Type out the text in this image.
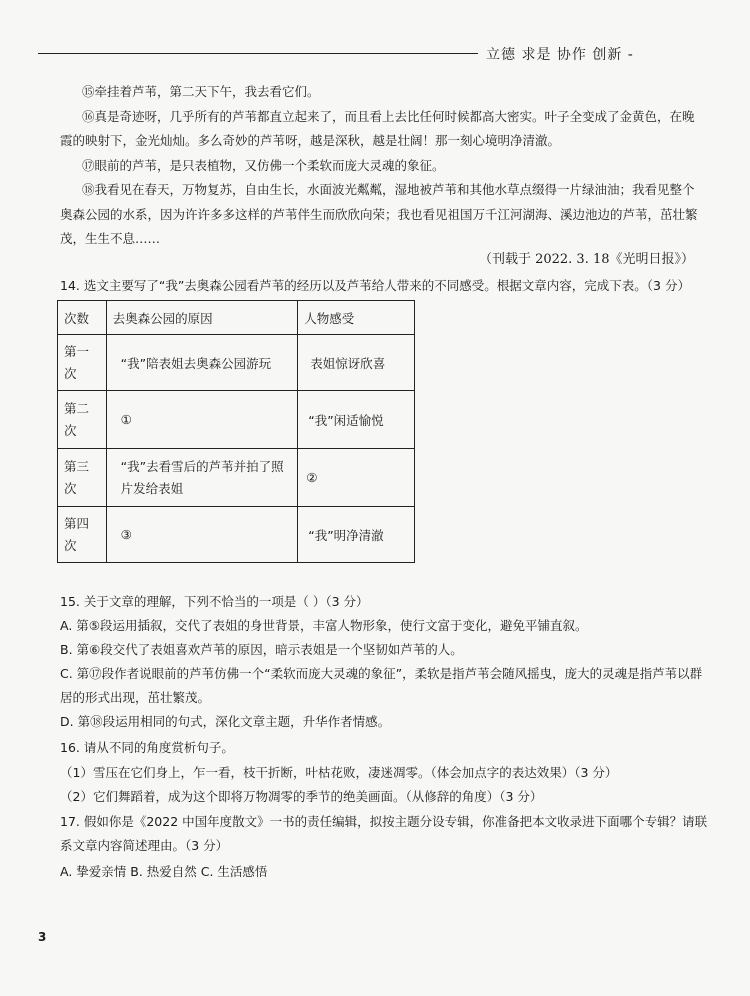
立德 求是 协作 创新 -

⑮牵挂着芦苇，第二天下午，我去看它们。

⑯真是奇迹呀，几乎所有的芦苇都直立起来了，而且看上去比任何时候都高大密实。叶子全变成了金黄色，在晚霞的映射下，金光灿灿。多么奇妙的芦苇呀，越是深秋，越是壮阔！那一刻心境明净清澈。

⑰眼前的芦苇，是只表植物，又仿佛一个柔软而庞大灵魂的象征。

⑱我看见在春天，万物复苏，自由生长，水面波光粼粼，湿地被芦苇和其他水草点缀得一片绿油油；我看见整个奥森公园的水系，因为许许多多这样的芦苇伴生而欣欣向荣；我也看见祖国万千江河湖海、溪边池边的芦苇，茁壮繁茂，生生不息……

（刊载于 2022. 3. 18《光明日报》）
14. 选文主要写了“我”去奥森公园看芦苇的经历以及芦苇给人带来的不同感受。根据文章内容，完成下表。（3 分）
次数	去奥森公园的原因	人物感受
第一次	“我”陪表姐去奥森公园游玩	表姐惊讶欣喜
第二次	①	“我”闲适愉悦
第三次	“我”去看雪后的芦苇并拍了照片发给表姐	②
第四次	③	“我”明净清澈
15. 关于文章的理解，下列不恰当的一项是（ ）（3 分）
A. 第⑤段运用插叙，交代了表姐的身世背景，丰富人物形象，使行文富于变化，避免平铺直叙。
B. 第⑥段交代了表姐喜欢芦苇的原因，暗示表姐是一个坚韧如芦苇的人。
C. 第⑰段作者说眼前的芦苇仿佛一个“柔软而庞大灵魂的象征”，柔软是指芦苇会随风摇曳，庞大的灵魂是指芦苇以群居的形式出现，茁壮繁茂。
D. 第⑱段运用相同的句式，深化文章主题，升华作者情感。
16. 请从不同的角度赏析句子。
（1）雪压在它们身上，乍一看，枝干折断，叶枯花败，凄迷凋零。（体会加点字的表达效果）（3 分）
（2）它们舞蹈着，成为这个即将万物凋零的季节的绝美画面。（从修辞的角度）（3 分）
17. 假如你是《2022 中国年度散文》一书的责任编辑，拟按主题分设专辑，你准备把本文收录进下面哪个专辑？请联系文章内容简述理由。（3 分）
A. 挚爱亲情 B. 热爱自然 C. 生活感悟
3
